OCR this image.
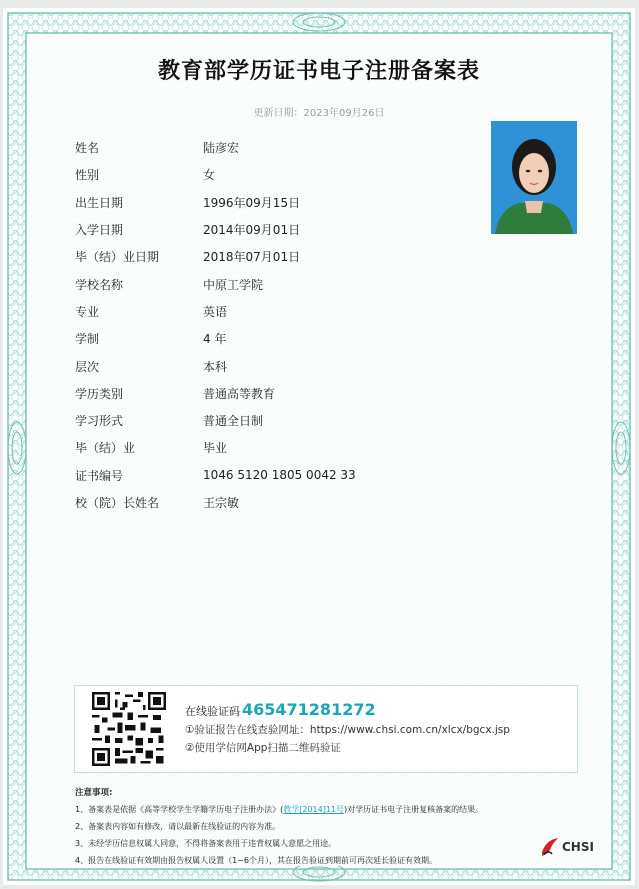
教育部学历证书电子注册备案表
更新日期：2023年09月26日
姓名	陆彦宏
性别	女
出生日期	1996年09月15日
入学日期	2014年09月01日
毕（结）业日期	2018年07月01日
学校名称	中原工学院
专业	英语
学制	4 年
层次	本科
学历类别	普通高等教育
学习形式	普通全日制
毕（结）业	毕业
证书编号	1046 5120 1805 0042 33
校（院）长姓名	王宗敏
在线验证码 465471281272
①验证报告在线查验网址：https://www.chsi.com.cn/xlcx/bgcx.jsp
②使用学信网App扫描二维码验证
注意事项:
1、备案表是依据《高等学校学生学籍学历电子注册办法》(教学[2014]11号)对学历证书电子注册复核备案的结果。
2、备案表内容如有修改，请以最新在线验证的内容为准。
3、未经学历信息权属人同意，不得将备案表用于违背权属人意愿之用途。
4、报告在线验证有效期由报告权属人设置（1~6个月），其在报告验证到期前可再次延长验证有效期。
CHSI
